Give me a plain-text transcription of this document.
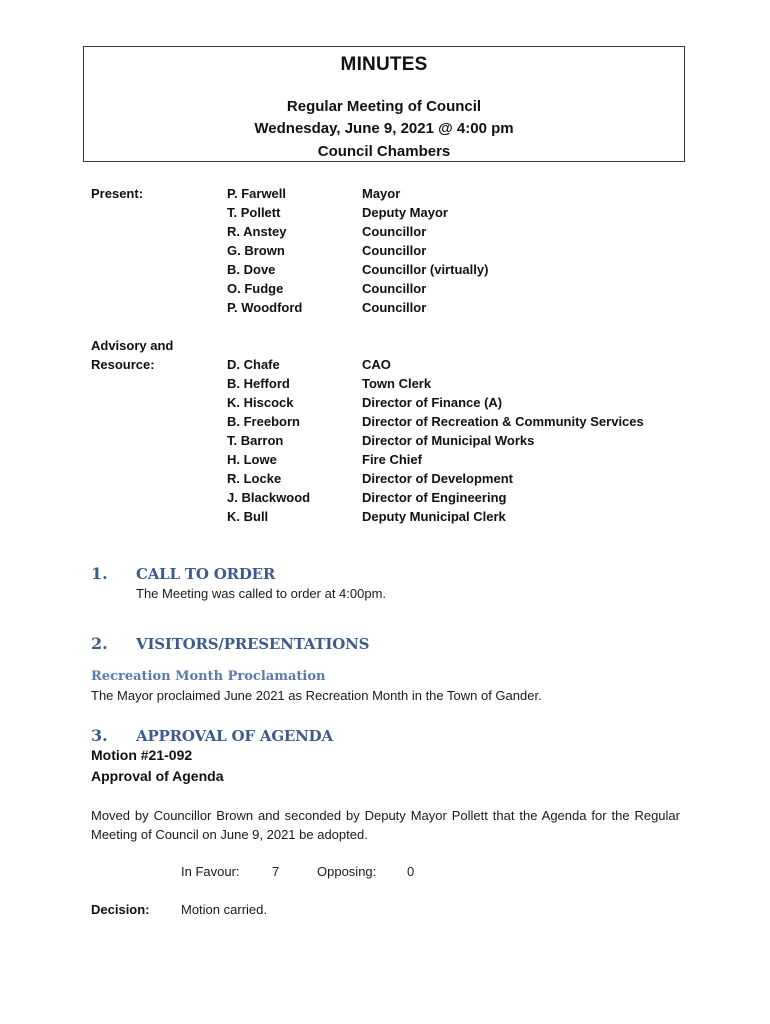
MINUTES
Regular Meeting of Council
Wednesday, June 9, 2021 @ 4:00 pm
Council Chambers
Present:	P. Farwell	Mayor
T. Pollett	Deputy Mayor
R. Anstey	Councillor
G. Brown	Councillor
B. Dove	Councillor (virtually)
O. Fudge	Councillor
P. Woodford	Councillor
Advisory and
Resource:	D. Chafe	CAO
B. Hefford	Town Clerk
K. Hiscock	Director of Finance (A)
B. Freeborn	Director of Recreation & Community Services
T. Barron	Director of Municipal Works
H. Lowe	Fire Chief
R. Locke	Director of Development
J. Blackwood	Director of Engineering
K. Bull	Deputy Municipal Clerk
1. CALL TO ORDER
The Meeting was called to order at 4:00pm.
2. VISITORS/PRESENTATIONS
Recreation Month Proclamation
The Mayor proclaimed June 2021 as Recreation Month in the Town of Gander.
3. APPROVAL OF AGENDA
Motion #21-092
Approval of Agenda
Moved by Councillor Brown and seconded by Deputy Mayor Pollett that the Agenda for the Regular Meeting of Council on June 9, 2021 be adopted.
In Favour: 7	Opposing: 0
Decision: Motion carried.
